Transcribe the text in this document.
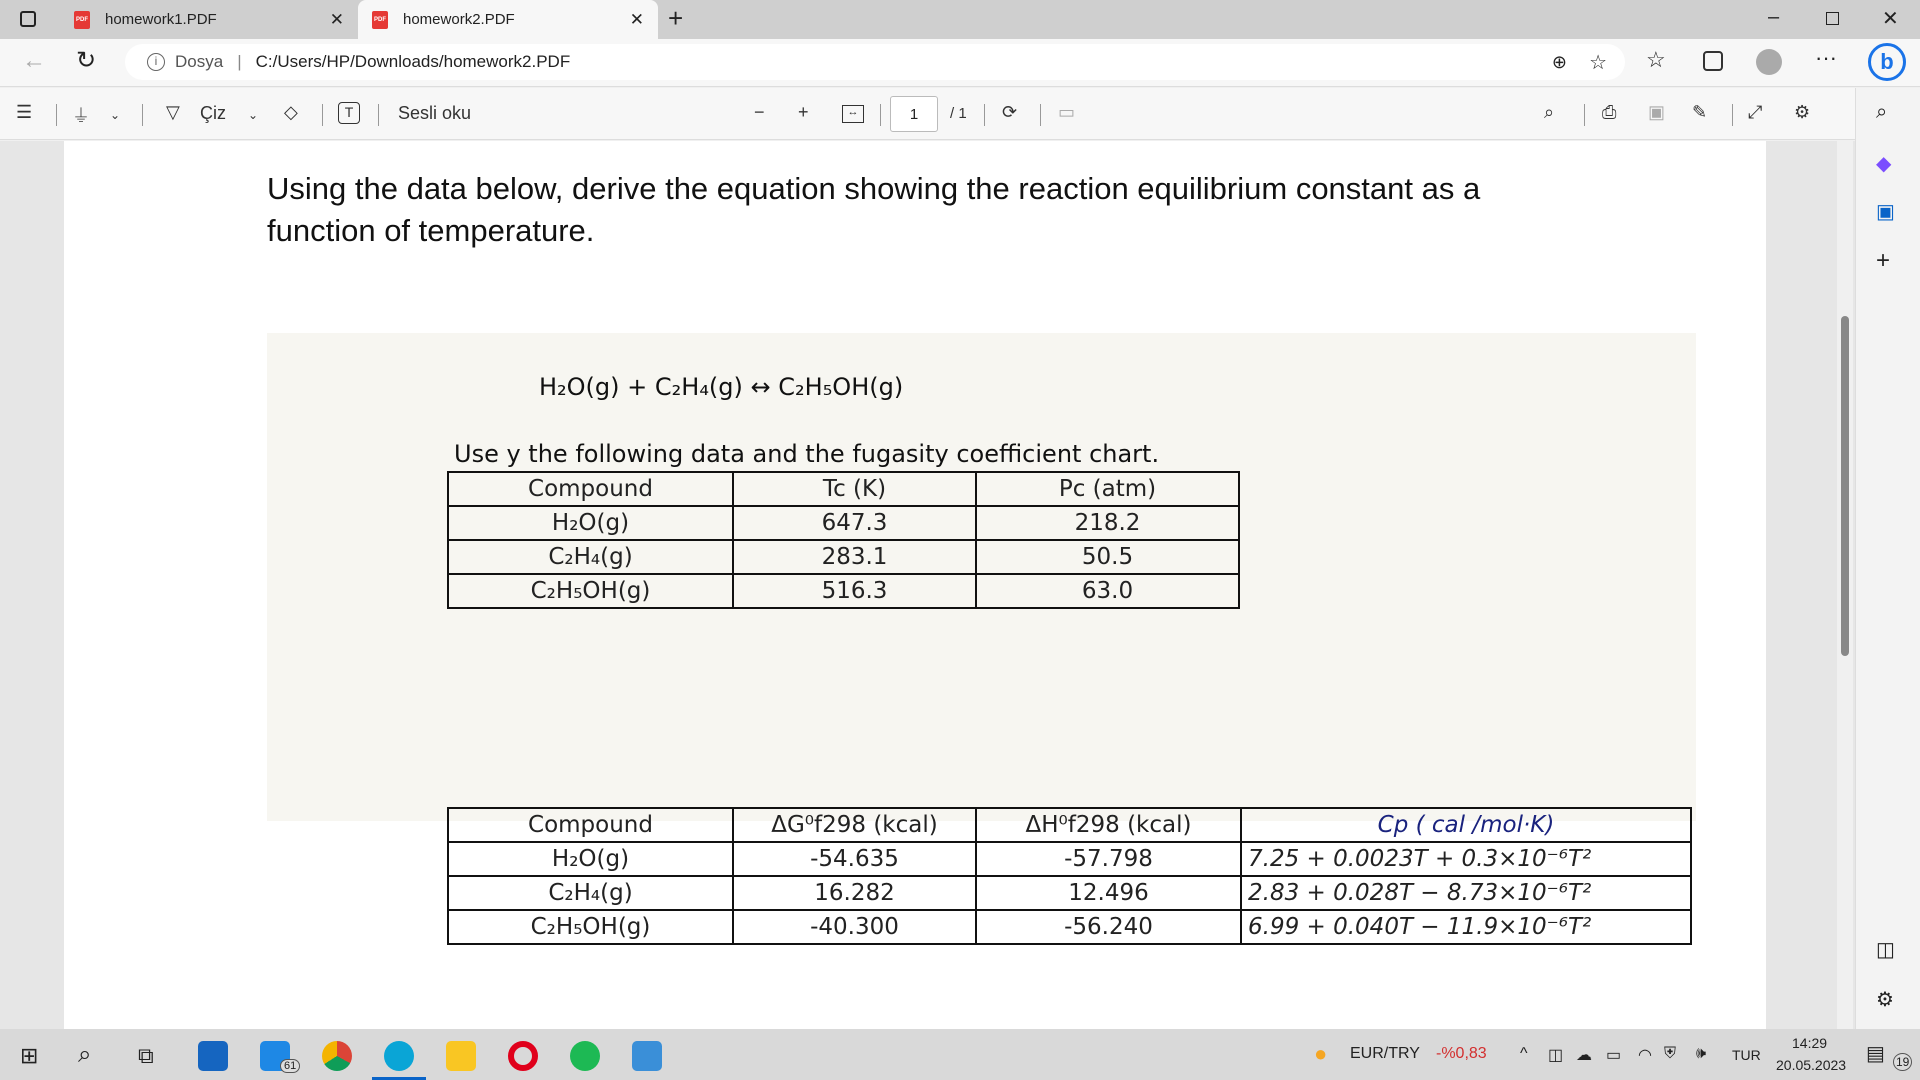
PDF homework1.PDF	✕	PDF homework2.PDF	✕ +	–	✕
← ↻	i	Dosya | C:/Users/HP/Downloads/homework2.PDF	⊕ ☆ ☆	···	b
☰ ⏚ ⌄	▽ Çiz ⌄ ◇	T	Sesli oku	− +	↔	1	/ 1 ⟳ ▭	⌕	⎙ ▣ ✎ ⤢ ⚙
Using the data below, derive the equation showing the reaction equilibrium constant as a function of temperature.
H₂O(g) + C₂H₄(g) ↔ C₂H₅OH(g)
Use y the following data and the fugasity coefficient chart.
Compound	Tc (K)	Pc (atm)
H₂O(g)	647.3	218.2
C₂H₄(g)	283.1	50.5
C₂H₅OH(g)	516.3	63.0
Compound	ΔG⁰f298 (kcal)	ΔH⁰f298 (kcal)	Cp ( cal /mol·K)
H₂O(g)	-54.635	-57.798	7.25 + 0.0023T + 0.3×10⁻⁶T²
C₂H₄(g)	16.282	12.496	2.83 + 0.028T − 8.73×10⁻⁶T²
C₂H₅OH(g)	-40.300	-56.240	6.99 + 0.040T − 11.9×10⁻⁶T²
⌕
◆
▣
+
◫
⚙
⊞ ⌕ ⧉	61	● EUR/TRY -%0,83 ^ ◫ ☁ ▭ ◠ ⛨ 🕪 TUR
14:29
20.05.2023 ▤ 19
